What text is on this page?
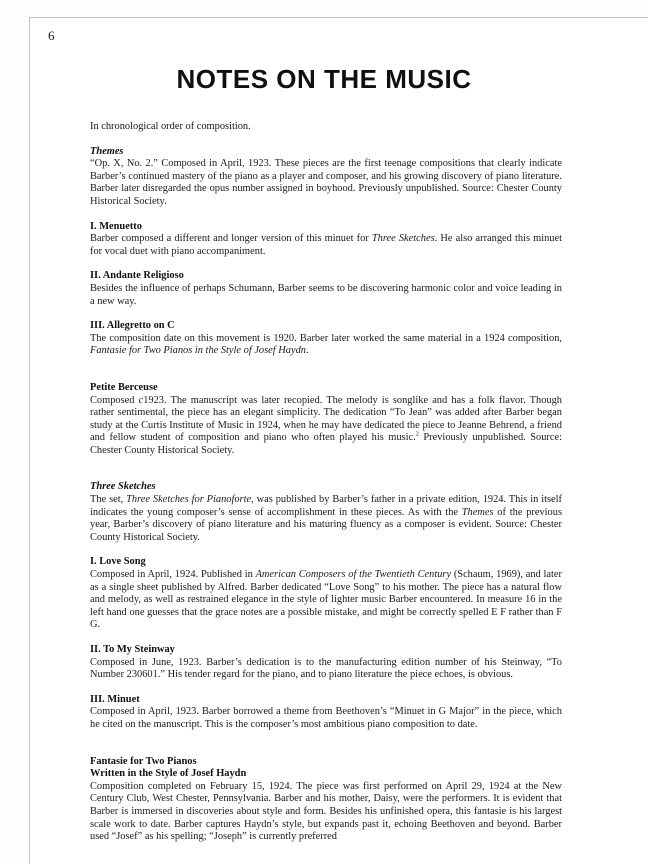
6
NOTES ON THE MUSIC

In chronological order of composition.

Themes

“Op. X, No. 2.” Composed in April, 1923. These pieces are the first teenage compositions that clearly indicate Barber’s continued mastery of the piano as a player and composer, and his growing discovery of piano literature. Barber later disregarded the opus number assigned in boyhood. Previously unpublished. Source: Chester County Historical Society.

I. Menuetto

Barber composed a different and longer version of this minuet for Three Sketches. He also arranged this minuet for vocal duet with piano accompaniment.

II. Andante Religioso

Besides the influence of perhaps Schumann, Barber seems to be discovering harmonic color and voice leading in a new way.

III. Allegretto on C

The composition date on this movement is 1920. Barber later worked the same material in a 1924 composition, Fantasie for Two Pianos in the Style of Josef Haydn.

Petite Berceuse

Composed c1923. The manuscript was later recopied. The melody is songlike and has a folk flavor. Though rather sentimental, the piece has an elegant simplicity. The dedication “To Jean” was added after Barber began study at the Curtis Institute of Music in 1924, when he may have dedicated the piece to Jeanne Behrend, a friend and fellow student of composition and piano who often played his music.$^2$ Previously unpublished. Source: Chester County Historical Society.

Three Sketches

The set, Three Sketches for Pianoforte, was published by Barber’s father in a private edition, 1924. This in itself indicates the young composer’s sense of accomplishment in these pieces. As with the Themes of the previous year, Barber’s discovery of piano literature and his maturing fluency as a composer is evident. Source: Chester County Historical Society.

I. Love Song

Composed in April, 1924. Published in American Composers of the Twentieth Century (Schaum, 1969), and later as a single sheet published by Alfred. Barber dedicated “Love Song” to his mother. The piece has a natural flow and melody, as well as restrained elegance in the style of lighter music Barber encountered. In measure 16 in the left hand one guesses that the grace notes are a possible mistake, and might be correctly spelled E F rather than F G.

II. To My Steinway

Composed in June, 1923. Barber’s dedication is to the manufacturing edition number of his Steinway, “To Number 230601.” His tender regard for the piano, and to piano literature the piece echoes, is obvious.

III. Minuet

Composed in April, 1923. Barber borrowed a theme from Beethoven’s “Minuet in G Major” in the piece, which he cited on the manuscript. This is the composer’s most ambitious piano composition to date.

Fantasie for Two Pianos
Written in the Style of Josef Haydn

Composition completed on February 15, 1924. The piece was first performed on April 29, 1924 at the New Century Club, West Chester, Pennsylvania. Barber and his mother, Daisy, were the performers. It is evident that Barber is immersed in discoveries about style and form. Besides his unfinished opera, this fantasie is his largest scale work to date. Barber captures Haydn’s style, but expands past it, echoing Beethoven and beyond. Barber used “Josef” as his spelling; “Joseph” is currently preferred
